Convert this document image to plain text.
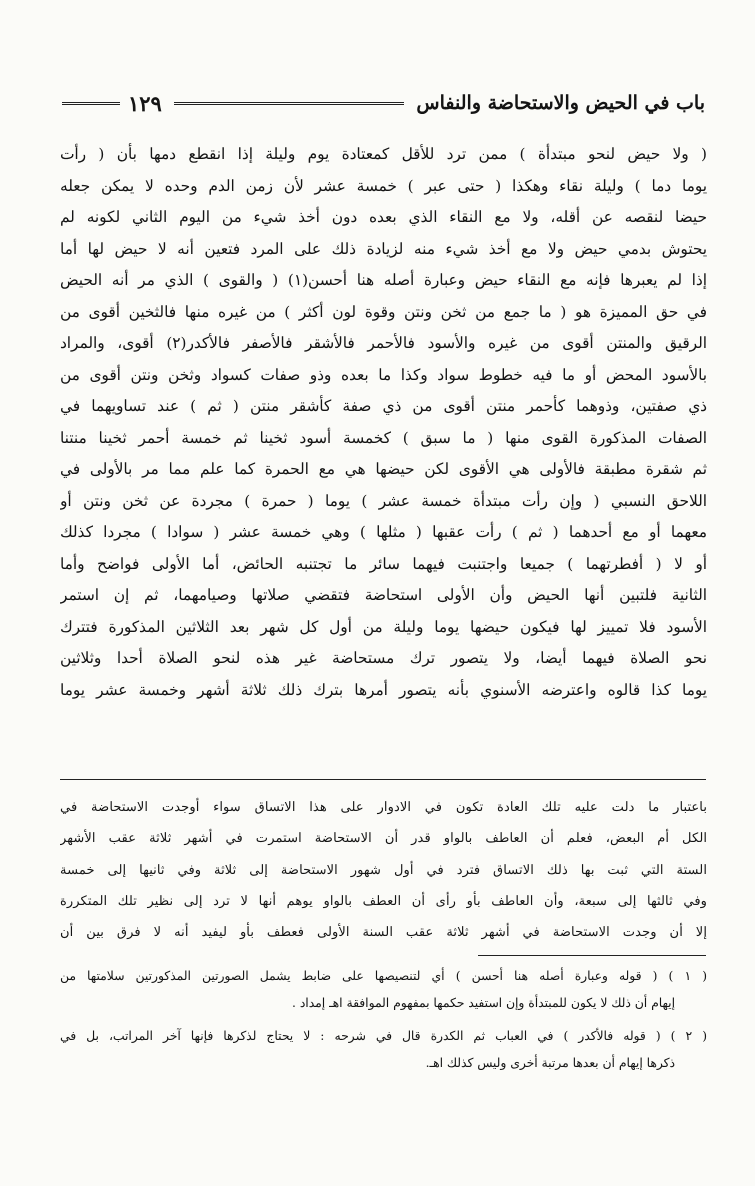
باب في الحيض والاستحاضة والنفاس
١٢٩
( ولا حيض لنحو مبتدأة ) ممن ترد للأقل كمعتادة يوم وليلة إذا انقطع دمها بأن ( رأت
يوما دما ) وليلة نقاء وهكذا ( حتى عبر ) خمسة عشر لأن زمن الدم وحده لا يمكن جعله
حيضا لنقصه عن أقله، ولا مع النقاء الذي بعده دون أخذ شيء من اليوم الثاني لكونه لم
يحتوش بدمي حيض ولا مع أخذ شيء منه لزيادة ذلك على المرد فتعين أنه لا حيض لها أما
إذا لم يعبرها فإنه مع النقاء حيض وعبارة أصله هنا أحسن(١) ( والقوى ) الذي مر أنه الحيض
في حق المميزة هو ( ما جمع من ثخن ونتن وقوة لون أكثر ) من غيره منها فالثخين أقوى من
الرقيق والمنتن أقوى من غيره والأسود فالأحمر فالأشقر فالأصفر فالأكدر(٢) أقوى، والمراد
بالأسود المحض أو ما فيه خطوط سواد وكذا ما بعده وذو صفات كسواد وثخن ونتن أقوى من
ذي صفتين، وذوهما كأحمر منتن أقوى من ذي صفة كأشقر منتن ( ثم ) عند تساويهما في
الصفات المذكورة القوى منها ( ما سبق ) كخمسة أسود ثخينا ثم خمسة أحمر ثخينا منتنا
ثم شقرة مطبقة فالأولى هي الأقوى لكن حيضها هي مع الحمرة كما علم مما مر بالأولى في
اللاحق النسبي ( وإن رأت مبتدأة خمسة عشر ) يوما ( حمرة ) مجردة عن ثخن ونتن أو
معهما أو مع أحدهما ( ثم ) رأت عقبها ( مثلها ) وهي خمسة عشر ( سوادا ) مجردا كذلك
أو لا ( أفطرتهما ) جميعا واجتنبت فيهما سائر ما تجتنبه الحائض، أما الأولى فواضح وأما
الثانية فلتبين أنها الحيض وأن الأولى استحاضة فتقضي صلاتها وصيامهما، ثم إن استمر
الأسود فلا تمييز لها فيكون حيضها يوما وليلة من أول كل شهر بعد الثلاثين المذكورة فتترك
نحو الصلاة فيهما أيضا، ولا يتصور ترك مستحاضة غير هذه لنحو الصلاة أحدا وثلاثين
يوما كذا قالوه واعترضه الأسنوي بأنه يتصور أمرها بترك ذلك ثلاثة أشهر وخمسة عشر يوما
باعتبار ما دلت عليه تلك العادة تكون في الادوار على هذا الاتساق سواء أوجدت الاستحاضة في
الكل أم البعض، فعلم أن العاطف بالواو قدر أن الاستحاضة استمرت في أشهر ثلاثة عقب الأشهر
الستة التي ثبت بها ذلك الاتساق فترد في أول شهور الاستحاضة إلى ثلاثة وفي ثانيها إلى خمسة
وفي ثالثها إلى سبعة، وأن العاطف بأو رأى أن العطف بالواو يوهم أنها لا ترد إلى نظير تلك المتكررة
إلا أن وجدت الاستحاضة في أشهر ثلاثة عقب السنة الأولى فعطف بأو ليفيد أنه لا فرق بين أن
( ١ ) ( قوله وعبارة أصله هنا أحسن ) أي لتنصيصها على ضابط يشمل الصورتين المذكورتين سلامتها من
إيهام أن ذلك لا يكون للمبتدأة وإن استفيد حكمها بمفهوم الموافقة اهـ إمداد .
( ٢ ) ( قوله فالأكدر ) في العباب ثم الكدرة قال في شرحه : لا يحتاج لذكرها فإنها آخر المراتب، بل في
ذكرها إيهام أن بعدها مرتبة أخرى وليس كذلك اهـ.
